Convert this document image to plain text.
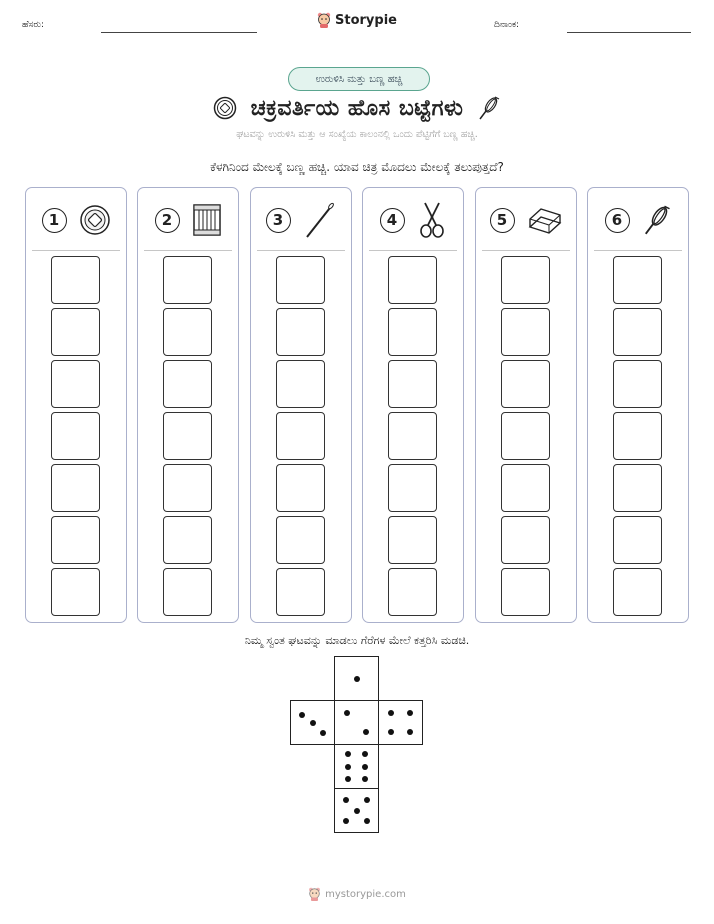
ಹೆಸರು:	Storypie	ದಿನಾಂಕ:
ಉರುಳಿಸಿ ಮತ್ತು ಬಣ್ಣ ಹಚ್ಚಿ
ಚಕ್ರವರ್ತಿಯ ಹೊಸ ಬಟ್ಟೆಗಳು
ಘಟವನ್ನು ಉರುಳಿಸಿ ಮತ್ತು ಆ ಸಂಖ್ಯೆಯ ಕಾಲಂನಲ್ಲಿ ಒಂದು ಪೆಟ್ಟಿಗೆಗೆ ಬಣ್ಣ ಹಚ್ಚಿ.
ಕೆಳಗಿನಿಂದ ಮೇಲಕ್ಕೆ ಬಣ್ಣ ಹಚ್ಚಿ. ಯಾವ ಚಿತ್ರ ಮೊದಲು ಮೇಲಕ್ಕೆ ತಲುಪುತ್ತದೆ?
1	2	3	4	5	6
ನಿಮ್ಮ ಸ್ವಂತ ಘಟವನ್ನು ಮಾಡಲು ಗೆರೆಗಳ ಮೇಲೆ ಕತ್ತರಿಸಿ ಮಡಚಿ.
mystorypie.com
